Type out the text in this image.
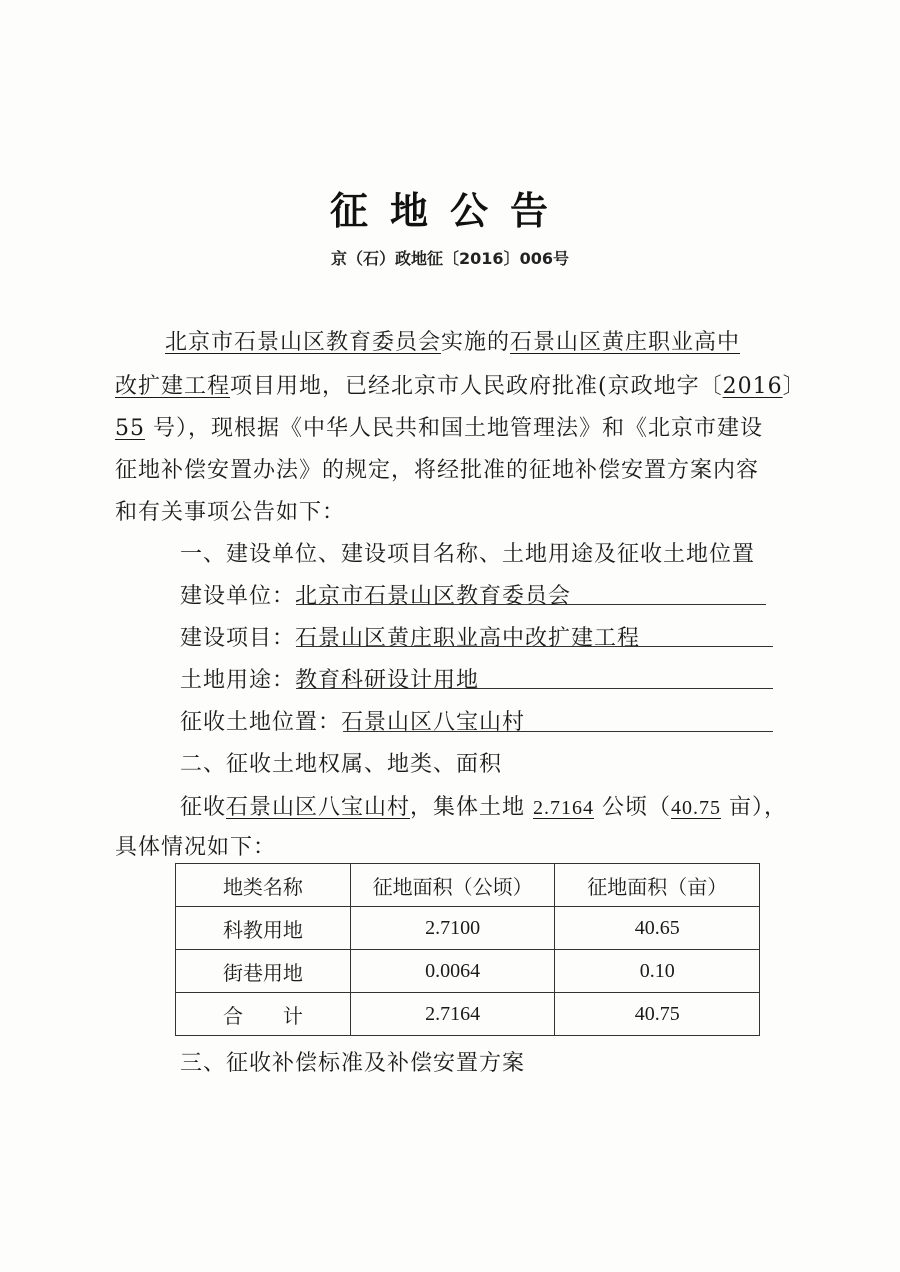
征地公告
京（石）政地征〔2016〕006号
北京市石景山区教育委员会实施的石景山区黄庄职业高中
改扩建工程项目用地，已经北京市人民政府批准(京政地字〔2016〕
55 号），现根据《中华人民共和国土地管理法》和《北京市建设
征地补偿安置办法》的规定，将经批准的征地补偿安置方案内容
和有关事项公告如下：
一、建设单位、建设项目名称、土地用途及征收土地位置
建设单位：北京市石景山区教育委员会
建设项目：石景山区黄庄职业高中改扩建工程
土地用途：教育科研设计用地
征收土地位置：石景山区八宝山村
二、征收土地权属、地类、面积
征收石景山区八宝山村，集体土地 2.7164 公顷（40.75 亩），
具体情况如下：
地类名称	征地面积（公顷）	征地面积（亩）
科教用地	2.7100	40.65
街巷用地	0.0064	0.10
合　　计	2.7164	40.75
三、征收补偿标准及补偿安置方案
